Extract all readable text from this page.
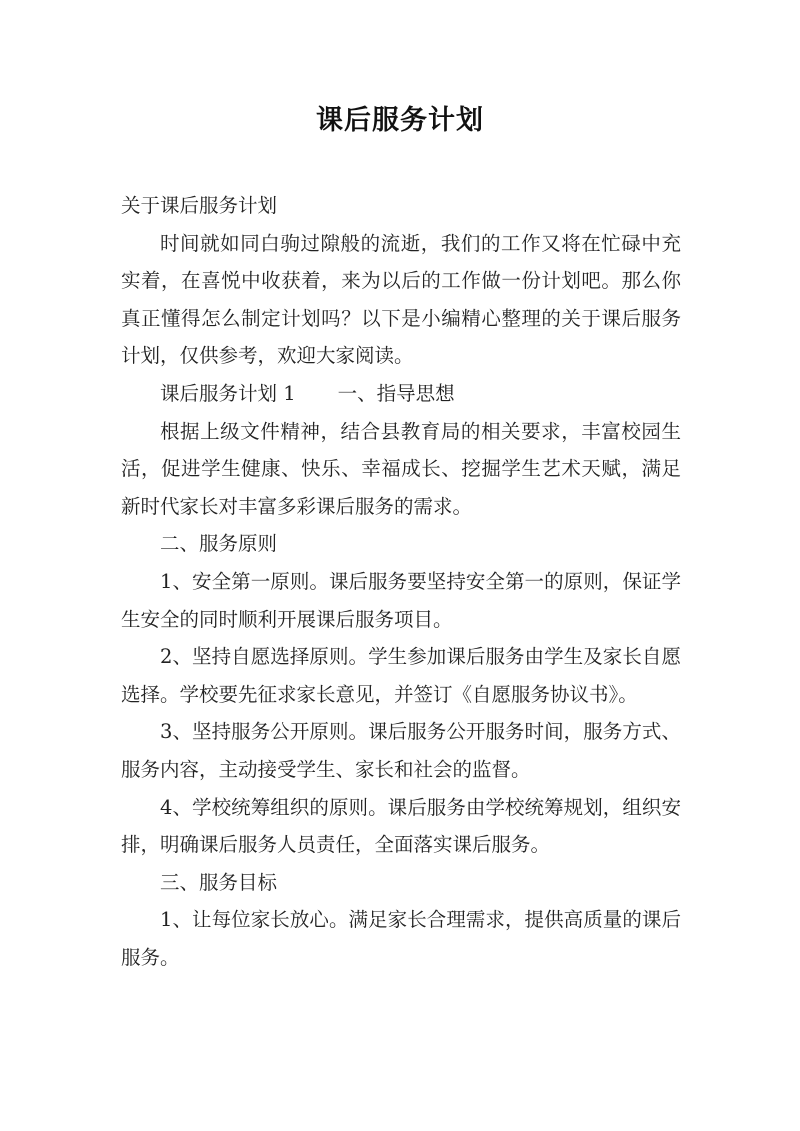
课后服务计划

关于课后服务计划

时间就如同白驹过隙般的流逝，我们的工作又将在忙碌中充实着，在喜悦中收获着，来为以后的工作做一份计划吧。那么你真正懂得怎么制定计划吗？以下是小编精心整理的关于课后服务计划，仅供参考，欢迎大家阅读。

课后服务计划 1 一、指导思想

根据上级文件精神，结合县教育局的相关要求，丰富校园生活，促进学生健康、快乐、幸福成长、挖掘学生艺术天赋，满足新时代家长对丰富多彩课后服务的需求。

二、服务原则

1、安全第一原则。课后服务要坚持安全第一的原则，保证学生安全的同时顺利开展课后服务项目。

2、坚持自愿选择原则。学生参加课后服务由学生及家长自愿选择。学校要先征求家长意见，并签订《自愿服务协议书》。

3、坚持服务公开原则。课后服务公开服务时间，服务方式、服务内容，主动接受学生、家长和社会的监督。

4、学校统筹组织的原则。课后服务由学校统筹规划，组织安排，明确课后服务人员责任，全面落实课后服务。

三、服务目标

1、让每位家长放心。满足家长合理需求，提供高质量的课后服务。
